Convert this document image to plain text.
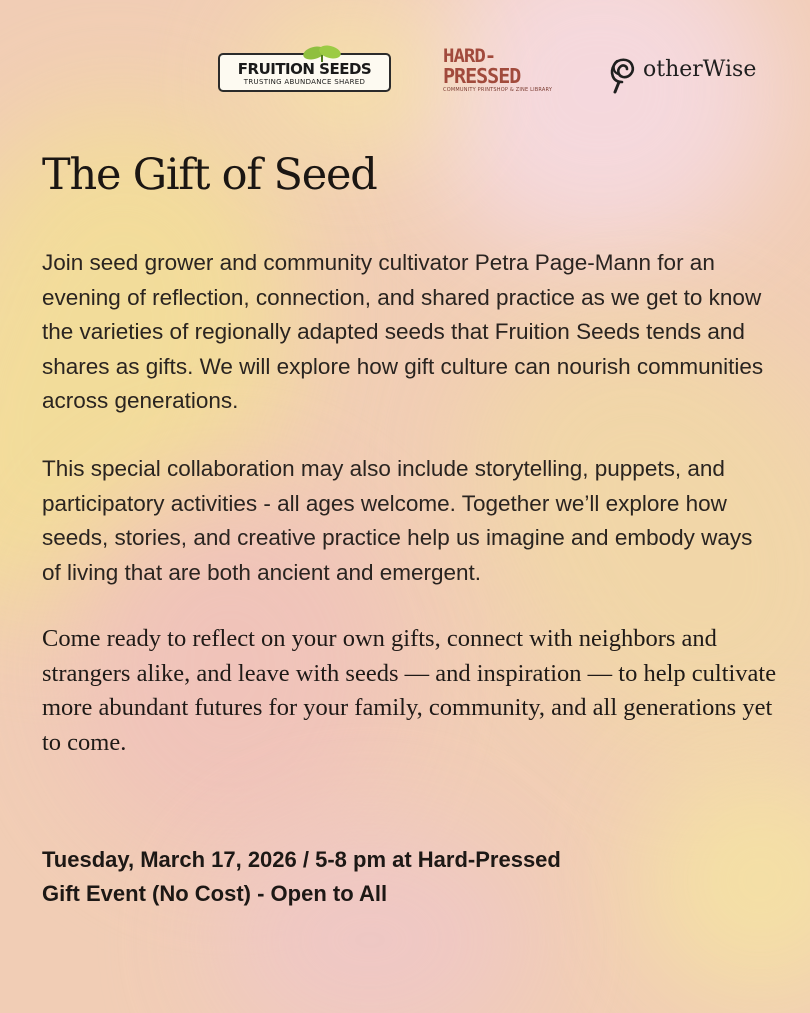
FRUITION SEEDS
TRUSTING ABUNDANCE SHARED
HARD-
PRESSED
COMMUNITY PRINTSHOP & ZINE LIBRARY
otherWise
The Gift of Seed

Join seed grower and community cultivator Petra Page-Mann for an evening of reflection, connection, and shared practice as we get to know the varieties of regionally adapted seeds that Fruition Seeds tends and shares as gifts. We will explore how gift culture can nourish communities across generations.

This special collaboration may also include storytelling, puppets, and participatory activities - all ages welcome. Together we’ll explore how seeds, stories, and creative practice help us imagine and embody ways of living that are both ancient and emergent.

Come ready to reflect on your own gifts, connect with neighbors and strangers alike, and leave with seeds — and inspiration — to help cultivate more abundant futures for your family, community, and all generations yet to come.

Tuesday, March 17, 2026 / 5-8 pm at Hard-Pressed
Gift Event (No Cost) - Open to All
